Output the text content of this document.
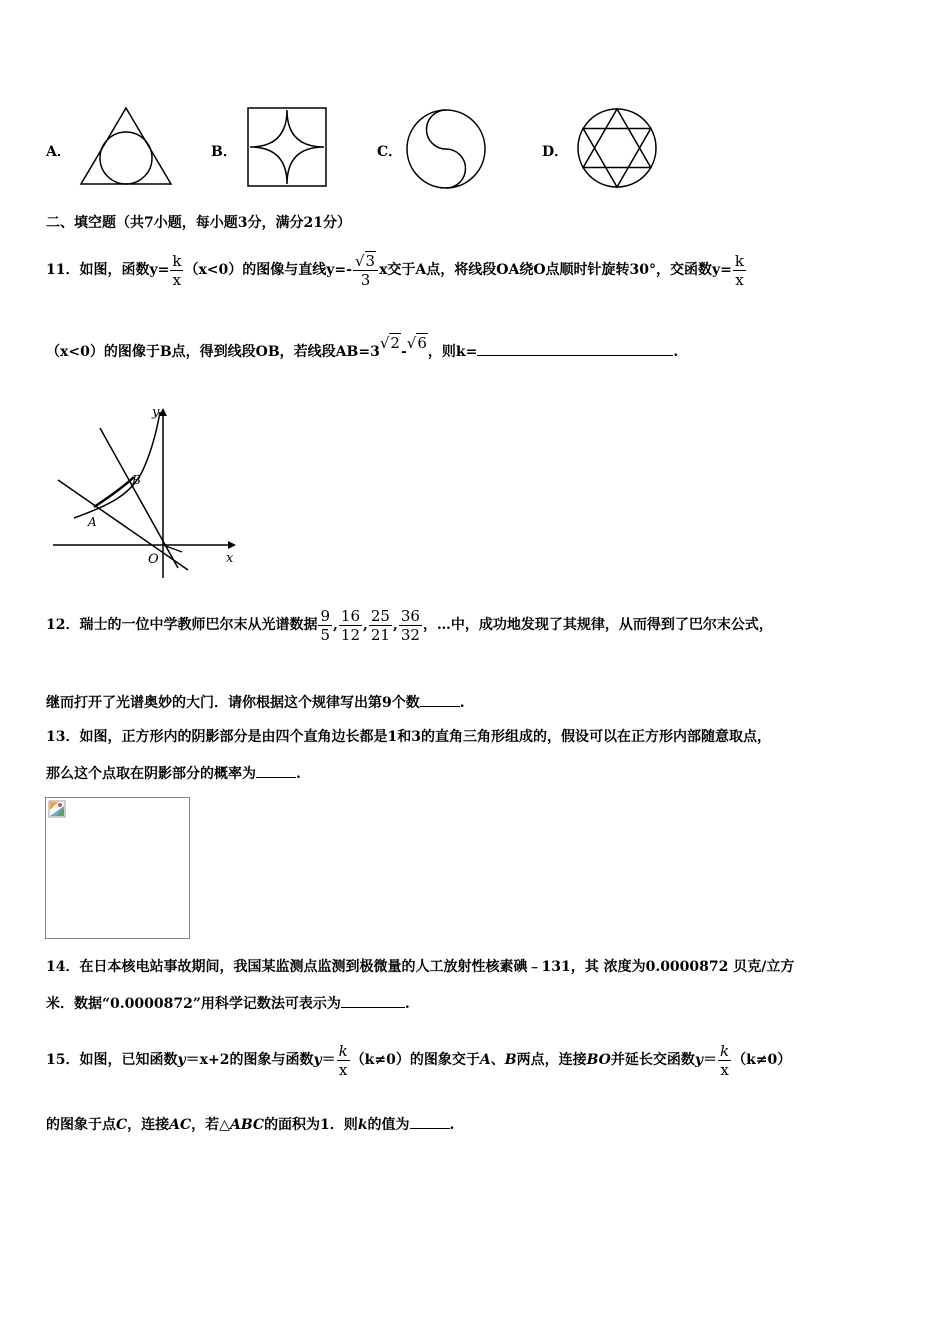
A．	B．	C．	D．
二、填空题（共7小题，每小题3分，满分21分）
11．如图，函数$y= \frac{k}{x} (x<0)$的图像与直线$y=- \frac{√3}{3}$ x交于A点，将线段OA绕O点顺时针旋转30°，交函数$y= \frac{k}{x}$
（x<0）的图像于B点，得到线段OB，若线段AB=3√2-√6，则k=	.
y
x
O
A
B
12．瑞士的一位中学教师巴尔末从光谱数据 $\frac{9}{5}$ , $\frac{16}{12}$ , $\frac{25}{21}$ , $\frac{36}{32}$ ，…中，成功地发现了其规律，从而得到了巴尔末公式，
继而打开了光谱奥妙的大门．请你根据这个规律写出第9个数	.
13．如图，正方形内的阴影部分是由四个直角边长都是1和3的直角三角形组成的，假设可以在正方形内部随意取点，
那么这个点取在阴影部分的概率为	.
14．在日本核电站事故期间，我国某监测点监测到极微量的人工放射性核素碘﹣131，其 浓度为0.0000872 贝克/立方
米．数据“0.0000872”用科学记数法可表示为	.
15．如图，已知函数y＝x+2的图象与函数$y= \frac{k}{x} (k\ne 0)$的图象交于A、B两点，连接BO并延长交函数$y= \frac{k}{x} (k\ne 0)$
的图象于点C，连接AC，若△ABC的面积为1．则k的值为	.
